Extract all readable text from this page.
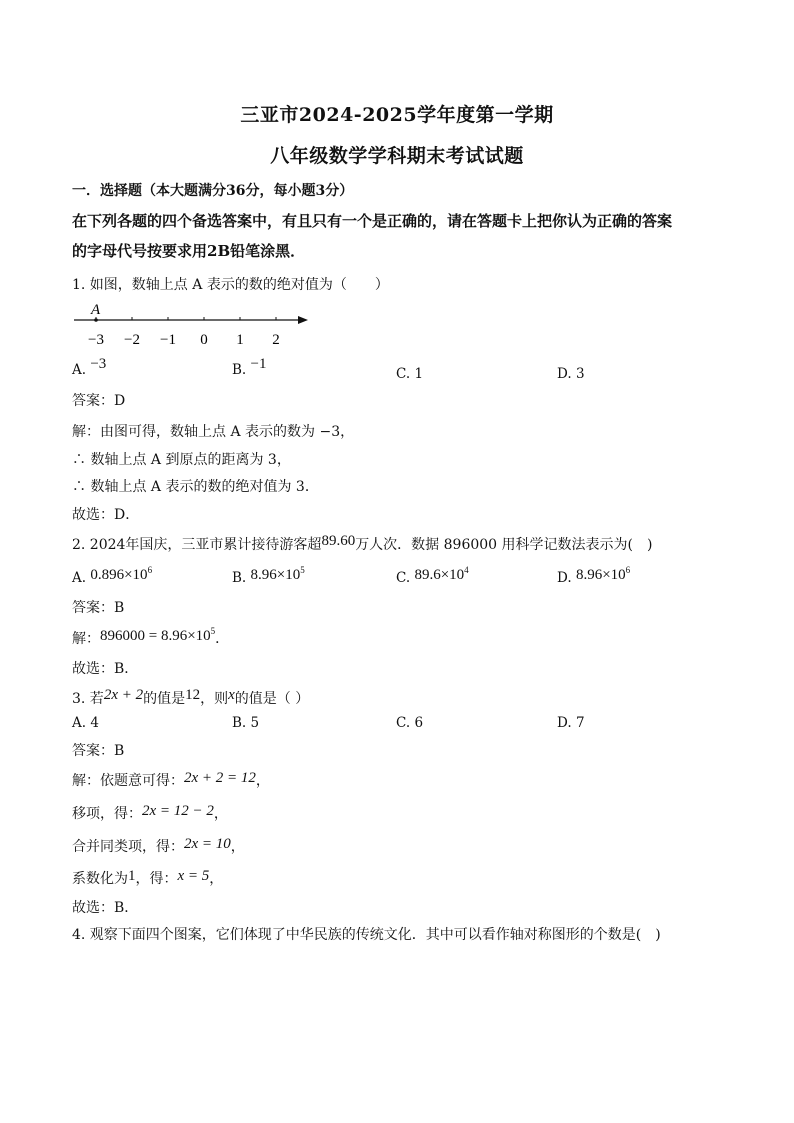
三亚市2024-2025学年度第一学期
八年级数学学科期末考试试题
一．选择题（本大题满分36分，每小题3分）
在下列各题的四个备选答案中，有且只有一个是正确的，请在答题卡上把你认为正确的答案
的字母代号按要求用2B铅笔涂黑．
1. 如图，数轴上点 A 表示的数的绝对值为（　　）
−3 −2 −1 0 1 2
A
A. −3	B. −1
C. 1	D. 3
答案：D
解：由图可得，数轴上点 A 表示的数为 −3，
∴ 数轴上点 A 到原点的距离为 3，
∴ 数轴上点 A 表示的数的绝对值为 3．
故选：D．
2. 2024年国庆，三亚市累计接待游客超89.60万人次．数据 896000 用科学记数法表示为(　)
A. $0.896\times 10^6$	B. $8.96\times 10^5$	C. $89.6\times 10^4$	D. $8.96\times 10^6$
答案：B
解：$896000 = 8.96\times 10^5$．
故选：B．
3. 若2x + 2的值是12，则x的值是（ ）
A. 4	B. 5	C. 6	D. 7
答案：B
解：依题意可得：2x + 2 = 12，
移项，得：2x = 12 − 2，
合并同类项，得：2x = 10，
系数化为1，得：x = 5，
故选：B．
4. 观察下面四个图案，它们体现了中华民族的传统文化．其中可以看作轴对称图形的个数是(　)
